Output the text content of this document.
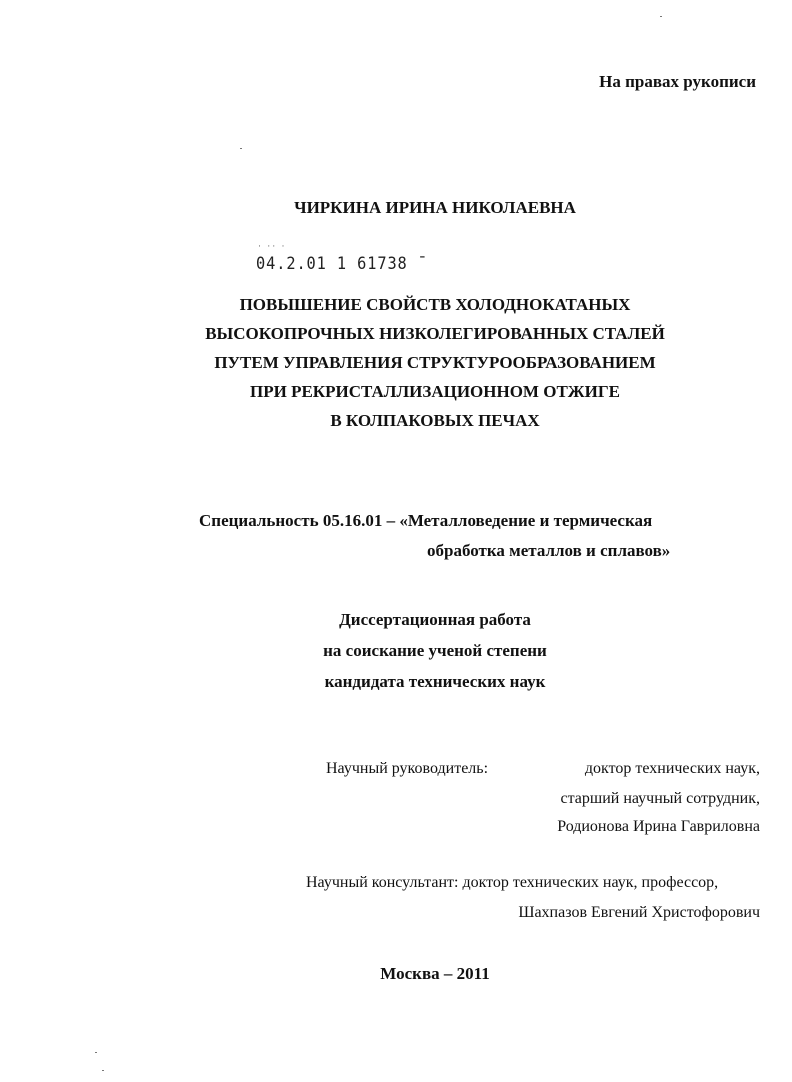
На правах рукописи
ЧИРКИНА ИРИНА НИКОЛАЕВНА
· ·· ·
04.2.01 1 61738 ˉ
ПОВЫШЕНИЕ СВОЙСТВ ХОЛОДНОКАТАНЫХ
ВЫСОКОПРОЧНЫХ НИЗКОЛЕГИРОВАННЫХ СТАЛЕЙ
ПУТЕМ УПРАВЛЕНИЯ СТРУКТУРООБРАЗОВАНИЕМ
ПРИ РЕКРИСТАЛЛИЗАЦИОННОМ ОТЖИГЕ
В КОЛПАКОВЫХ ПЕЧАХ
Специальность 05.16.01 – «Металловедение и термическая
обработка металлов и сплавов»
Диссертационная работа
на соискание ученой степени
кандидата технических наук
Научный руководитель:	доктор технических наук,
старший научный сотрудник,
Родионова Ирина Гавриловна
Научный консультант: доктор технических наук, профессор,
Шахпазов Евгений Христофорович
Москва – 2011
